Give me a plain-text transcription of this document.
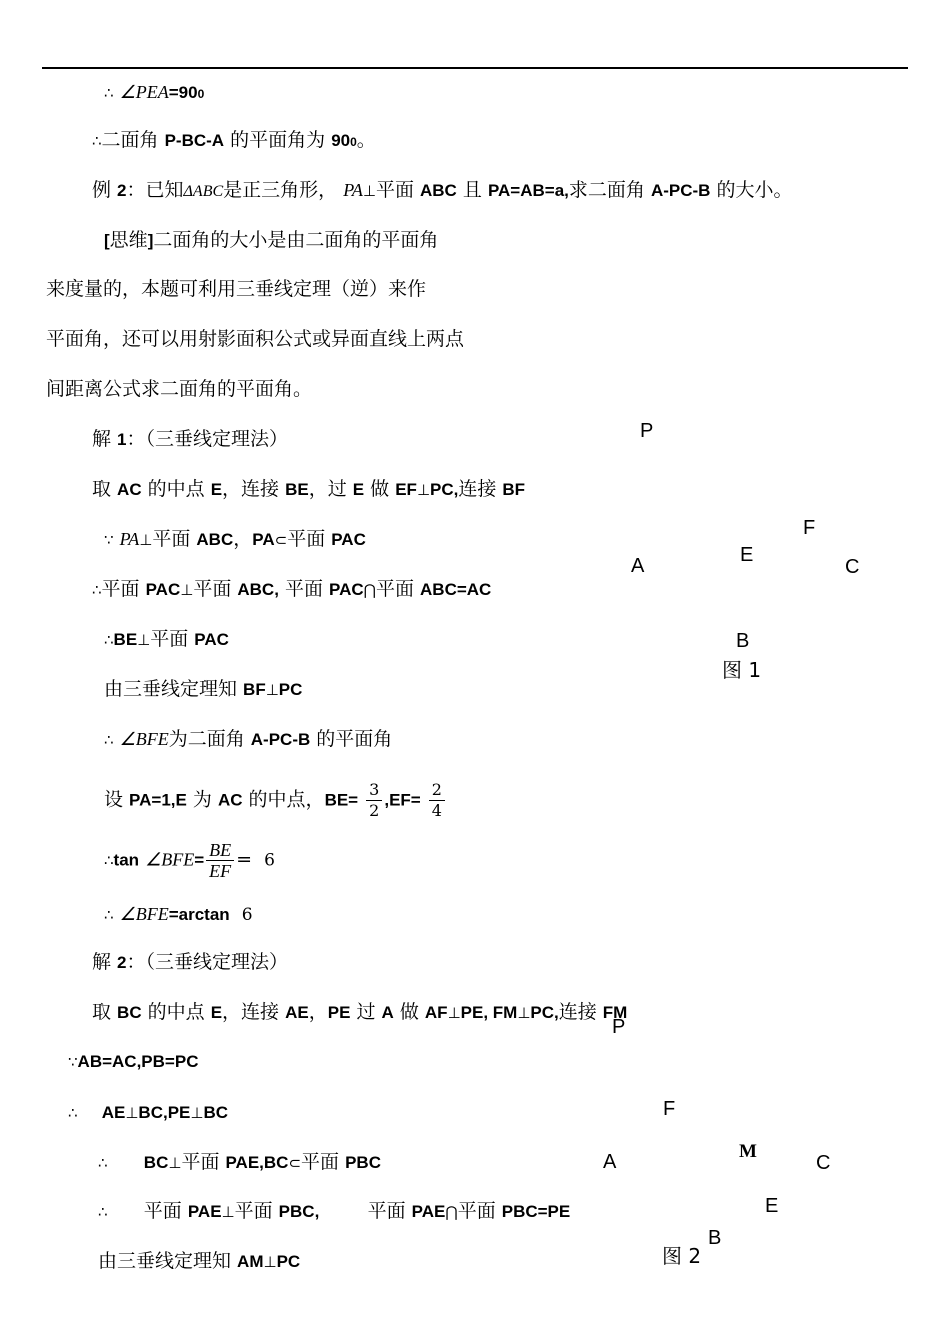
∴ ∠PEA=900
∴二面角 P-BC-A 的平面角为 900。
例 2：已知ΔABC是正三角形， PA⊥平面 ABC 且 PA=AB=a,求二面角 A-PC-B 的大小。
[思维]二面角的大小是由二面角的平面角
来度量的，本题可利用三垂线定理（逆）来作
平面角，还可以用射影面积公式或异面直线上两点
间距离公式求二面角的平面角。
解 1：（三垂线定理法）
取 AC 的中点 E，连接 BE，过 E 做 EF⊥PC,连接 BF
∵ PA⊥平面 ABC，PA⊂平面 PAC
∴平面 PAC⊥平面 ABC, 平面 PAC⋂平面 ABC=AC
∴BE⊥平面 PAC
由三垂线定理知 BF⊥PC
∴ ∠BFE为二面角 A-PC-B 的平面角
设 PA=1,E 为 AC 的中点，$BE= \frac{3}{2} ,EF= \frac{2}{4}$
∴tan ∠BFE= $\frac{BE}{EF} = 6$
∴ ∠BFE=arctan 6
解 2：（三垂线定理法）
取 BC 的中点 E，连接 AE，PE 过 A 做 AF⊥PE, FM⊥PC,连接 FM
∵AB=AC,PB=PC
∴ AE⊥BC,PE⊥BC
∴ BC⊥平面 PAE,BC⊂平面 PBC
∴ 平面 PAE⊥平面 PBC,	平面 PAE⋂平面 PBC=PE
由三垂线定理知 AM⊥PC
P
F
E
A	C
B
图 1
P
F
A	M
C
E
B
图 2
